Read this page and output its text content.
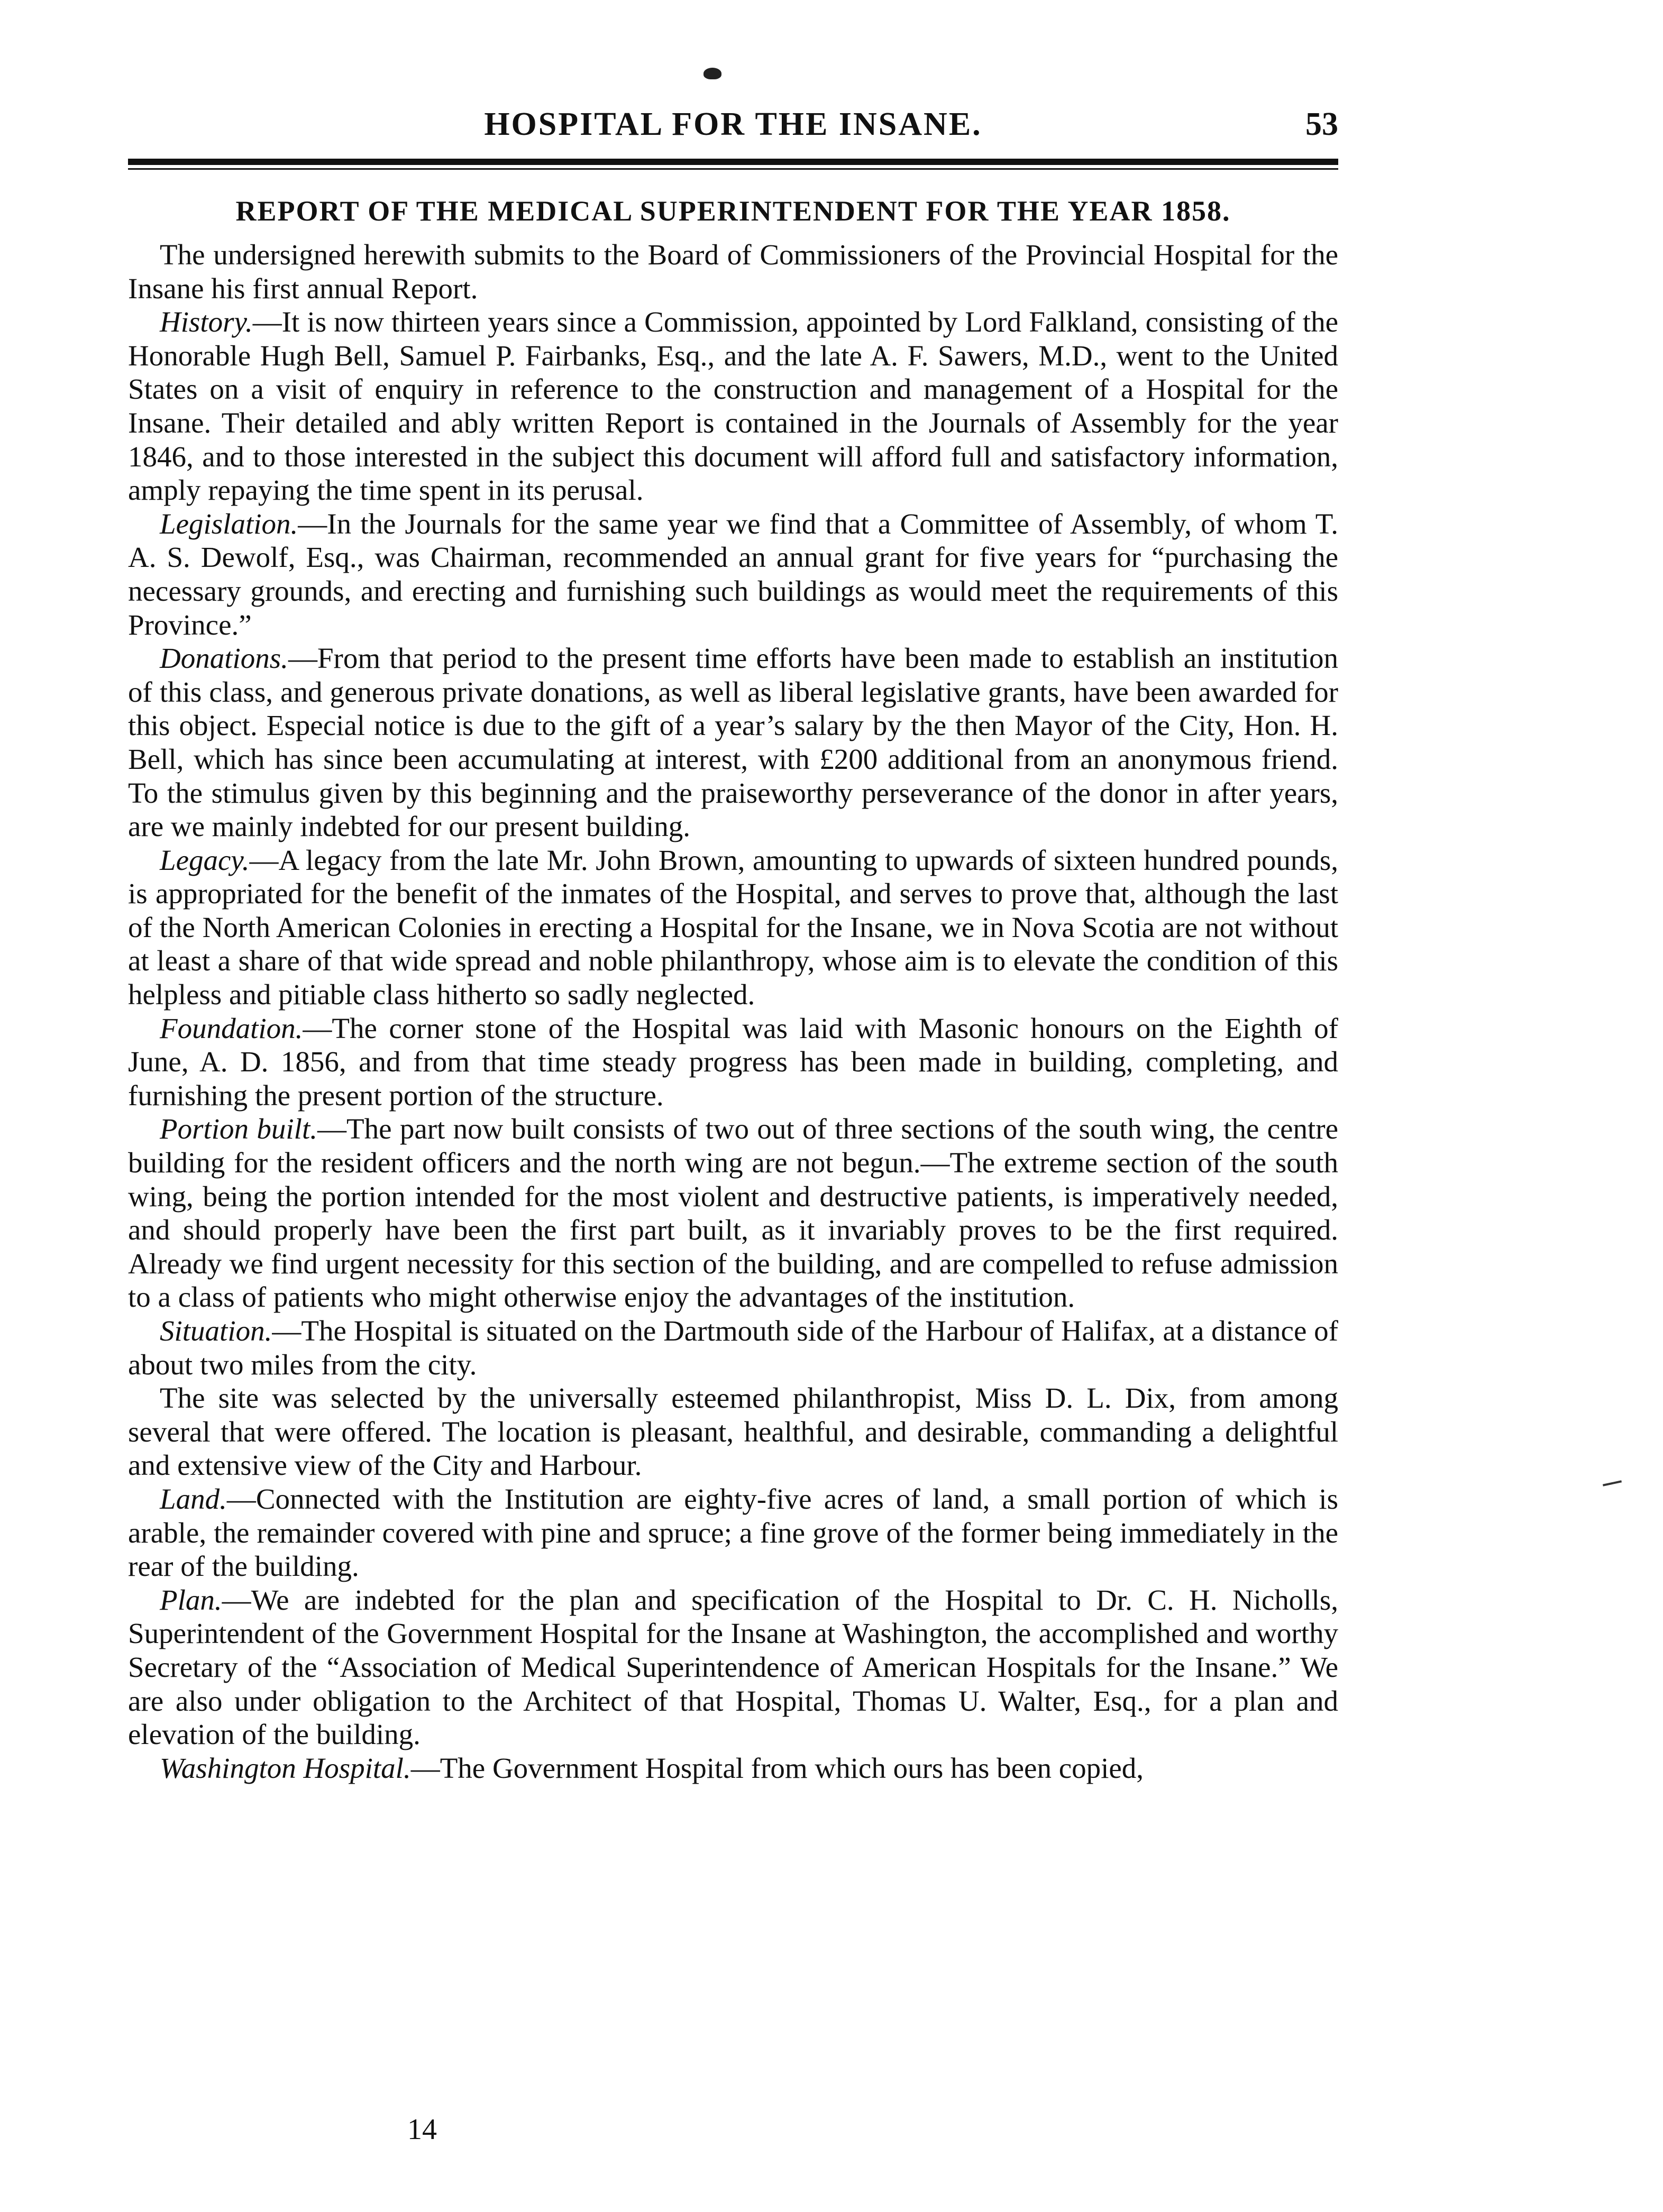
HOSPITAL FOR THE INSANE.	53
REPORT OF THE MEDICAL SUPERINTENDENT FOR THE YEAR 1858.

The undersigned herewith submits to the Board of Commissioners of the Provincial Hospital for the Insane his first annual Report.

History.—It is now thirteen years since a Commission, appointed by Lord Falkland, consisting of the Honorable Hugh Bell, Samuel P. Fairbanks, Esq., and the late A. F. Sawers, M.D., went to the United States on a visit of enquiry in reference to the construction and management of a Hospital for the Insane. Their detailed and ably written Report is contained in the Journals of Assembly for the year 1846, and to those interested in the subject this document will afford full and satisfactory information, amply repaying the time spent in its perusal.

Legislation.—In the Journals for the same year we find that a Committee of Assembly, of whom T. A. S. Dewolf, Esq., was Chairman, recommended an annual grant for five years for “purchasing the necessary grounds, and erecting and furnishing such buildings as would meet the requirements of this Province.”

Donations.—From that period to the present time efforts have been made to establish an institution of this class, and generous private donations, as well as liberal legislative grants, have been awarded for this object. Especial notice is due to the gift of a year’s salary by the then Mayor of the City, Hon. H. Bell, which has since been accumulating at interest, with £200 additional from an anonymous friend. To the stimulus given by this beginning and the praiseworthy perseverance of the donor in after years, are we mainly indebted for our present building.

Legacy.—A legacy from the late Mr. John Brown, amounting to upwards of sixteen hundred pounds, is appropriated for the benefit of the inmates of the Hospital, and serves to prove that, although the last of the North American Colonies in erecting a Hospital for the Insane, we in Nova Scotia are not without at least a share of that wide spread and noble philanthropy, whose aim is to elevate the condition of this helpless and pitiable class hitherto so sadly neglected.

Foundation.—The corner stone of the Hospital was laid with Masonic honours on the Eighth of June, A. D. 1856, and from that time steady progress has been made in building, completing, and furnishing the present portion of the structure.

Portion built.—The part now built consists of two out of three sections of the south wing, the centre building for the resident officers and the north wing are not begun.—The extreme section of the south wing, being the portion intended for the most violent and destructive patients, is imperatively needed, and should properly have been the first part built, as it invariably proves to be the first required. Already we find urgent necessity for this section of the building, and are compelled to refuse admission to a class of patients who might otherwise enjoy the advantages of the institution.

Situation.—The Hospital is situated on the Dartmouth side of the Harbour of Halifax, at a distance of about two miles from the city.

The site was selected by the universally esteemed philanthropist, Miss D. L. Dix, from among several that were offered. The location is pleasant, healthful, and desirable, commanding a delightful and extensive view of the City and Harbour.

Land.—Connected with the Institution are eighty-five acres of land, a small portion of which is arable, the remainder covered with pine and spruce; a fine grove of the former being immediately in the rear of the building.

Plan.—We are indebted for the plan and specification of the Hospital to Dr. C. H. Nicholls, Superintendent of the Government Hospital for the Insane at Washington, the accomplished and worthy Secretary of the “Association of Medical Superintendence of American Hospitals for the Insane.” We are also under obligation to the Architect of that Hospital, Thomas U. Walter, Esq., for a plan and elevation of the building.

Washington Hospital.—The Government Hospital from which ours has been copied,

14
